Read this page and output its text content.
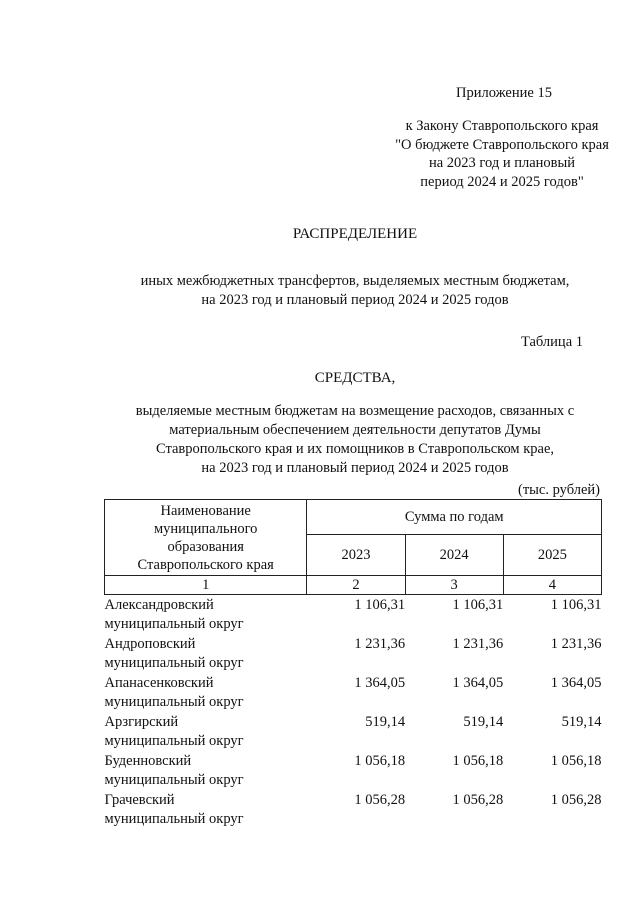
Приложение 15
к Закону Ставропольского края
"О бюджете Ставропольского края
на 2023 год и плановый
период 2024 и 2025 годов"
РАСПРЕДЕЛЕНИЕ
иных межбюджетных трансфертов, выделяемых местным бюджетам,
на 2023 год и плановый период 2024 и 2025 годов
Таблица 1
СРЕДСТВА,
выделяемые местным бюджетам на возмещение расходов, связанных с
материальным обеспечением деятельности депутатов Думы
Ставропольского края и их помощников в Ставропольском крае,
на 2023 год и плановый период 2024 и 2025 годов
(тыс. рублей)
Наименование
муниципального
образования
Ставропольского края	Сумма по годам		
	2023	2024	2025
1	2	3	4

Александровский
муниципальный округ	1 106,31	1 106,31	1 106,31

Андроповский
муниципальный округ	1 231,36	1 231,36	1 231,36

Апанасенковский
муниципальный округ	1 364,05	1 364,05	1 364,05

Арзгирский
муниципальный округ	519,14	519,14	519,14

Буденновский
муниципальный округ	1 056,18	1 056,18	1 056,18

Грачевский
муниципальный округ	1 056,28	1 056,28	1 056,28
